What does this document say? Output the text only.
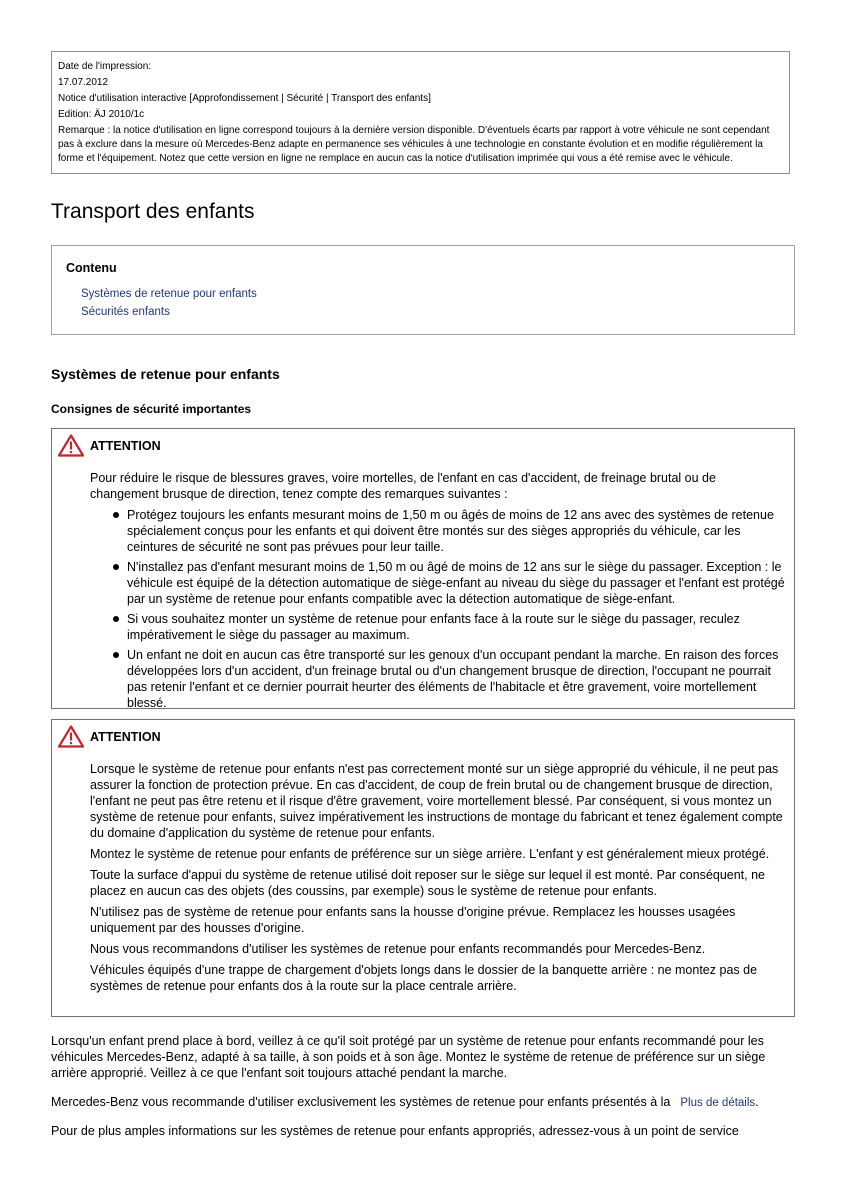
Date de l'impression:
17.07.2012
Notice d'utilisation interactive [Approfondissement | Sécurité | Transport des enfants]
Edition: ÄJ 2010/1c
Remarque : la notice d'utilisation en ligne correspond toujours à la dernière version disponible. D'éventuels écarts par rapport à votre véhicule ne sont cependant pas à exclure dans la mesure où Mercedes-Benz adapte en permanence ses véhicules à une technologie en constante évolution et en modifie régulièrement la forme et l'équipement. Notez que cette version en ligne ne remplace en aucun cas la notice d'utilisation imprimée qui vous a été remise avec le véhicule.
Transport des enfants
Contenu
Systèmes de retenue pour enfants
Sécurités enfants
Systèmes de retenue pour enfants
Consignes de sécurité importantes
ATTENTION

Pour réduire le risque de blessures graves, voire mortelles, de l'enfant en cas d'accident, de freinage brutal ou de changement brusque de direction, tenez compte des remarques suivantes :

Protégez toujours les enfants mesurant moins de 1,50 m ou âgés de moins de 12 ans avec des systèmes de retenue spécialement conçus pour les enfants et qui doivent être montés sur des sièges appropriés du véhicule, car les ceintures de sécurité ne sont pas prévues pour leur taille.
N'installez pas d'enfant mesurant moins de 1,50 m ou âgé de moins de 12 ans sur le siège du passager. Exception : le véhicule est équipé de la détection automatique de siège-enfant au niveau du siège du passager et l'enfant est protégé par un système de retenue pour enfants compatible avec la détection automatique de siège-enfant.
Si vous souhaitez monter un système de retenue pour enfants face à la route sur le siège du passager, reculez impérativement le siège du passager au maximum.
Un enfant ne doit en aucun cas être transporté sur les genoux d'un occupant pendant la marche. En raison des forces développées lors d'un accident, d'un freinage brutal ou d'un changement brusque de direction, l'occupant ne pourrait pas retenir l'enfant et ce dernier pourrait heurter des éléments de l'habitacle et être gravement, voire mortellement blessé.
ATTENTION

Lorsque le système de retenue pour enfants n'est pas correctement monté sur un siège approprié du véhicule, il ne peut pas assurer la fonction de protection prévue. En cas d'accident, de coup de frein brutal ou de changement brusque de direction, l'enfant ne peut pas être retenu et il risque d'être gravement, voire mortellement blessé. Par conséquent, si vous montez un système de retenue pour enfants, suivez impérativement les instructions de montage du fabricant et tenez également compte du domaine d'application du système de retenue pour enfants.

Montez le système de retenue pour enfants de préférence sur un siège arrière. L'enfant y est généralement mieux protégé.

Toute la surface d'appui du système de retenue utilisé doit reposer sur le siège sur lequel il est monté. Par conséquent, ne placez en aucun cas des objets (des coussins, par exemple) sous le système de retenue pour enfants.

N'utilisez pas de système de retenue pour enfants sans la housse d'origine prévue. Remplacez les housses usagées uniquement par des housses d'origine.

Nous vous recommandons d'utiliser les systèmes de retenue pour enfants recommandés pour Mercedes-Benz.

Véhicules équipés d'une trappe de chargement d'objets longs dans le dossier de la banquette arrière : ne montez pas de systèmes de retenue pour enfants dos à la route sur la place centrale arrière.

Lorsqu'un enfant prend place à bord, veillez à ce qu'il soit protégé par un système de retenue pour enfants recommandé pour les véhicules Mercedes-Benz, adapté à sa taille, à son poids et à son âge. Montez le système de retenue de préférence sur un siège arrière approprié. Veillez à ce que l'enfant soit toujours attaché pendant la marche.

Mercedes-Benz vous recommande d'utiliser exclusivement les systèmes de retenue pour enfants présentés à la Plus de détails.

Pour de plus amples informations sur les systèmes de retenue pour enfants appropriés, adressez-vous à un point de service
